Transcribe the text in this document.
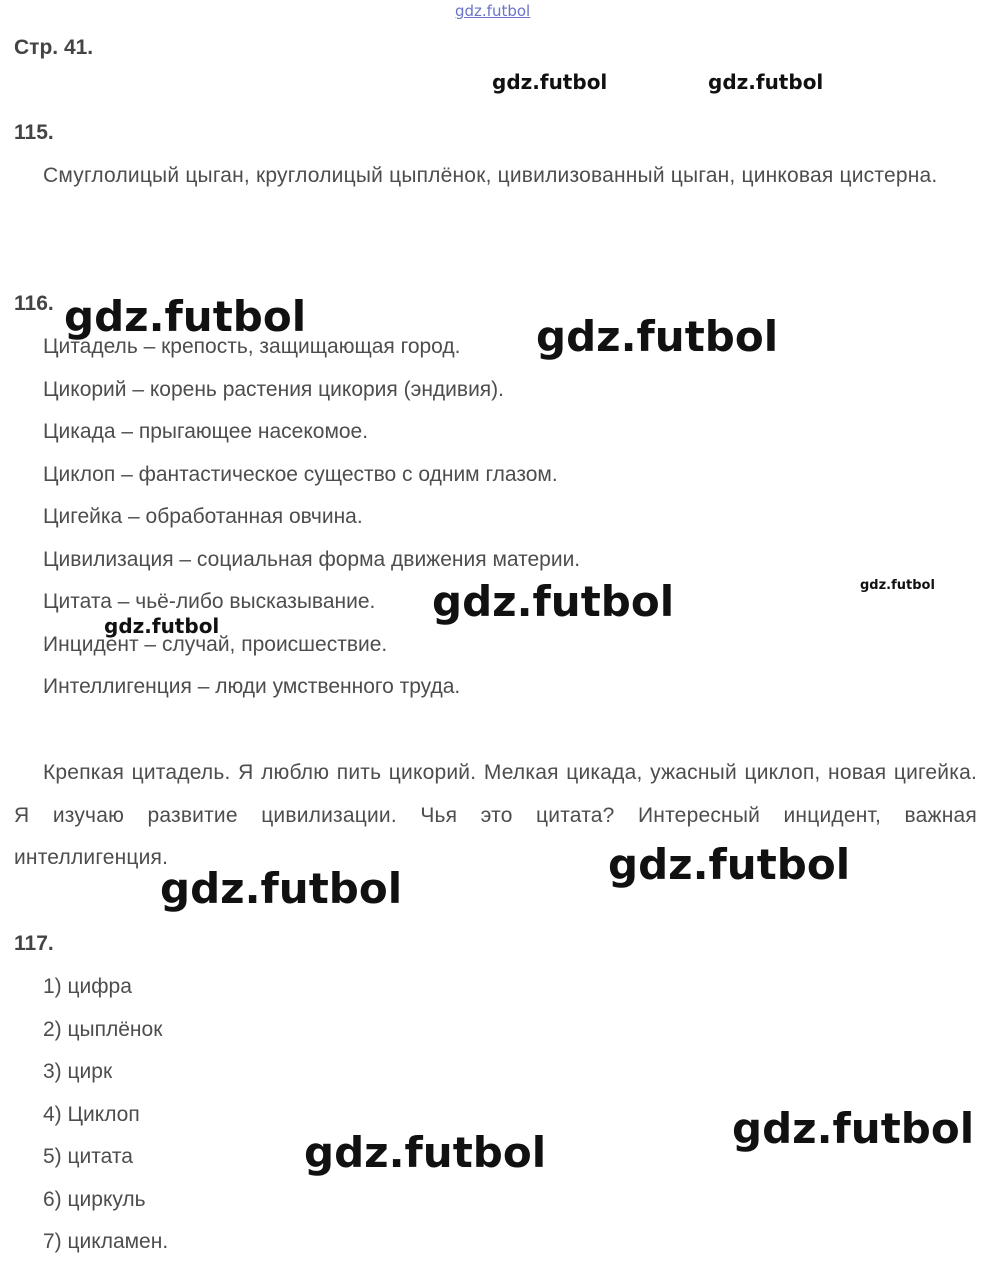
gdz.futbol
Стр. 41.
gdz.futbol	gdz.futbol
115.

Смуглолицый цыган, круглолицый цыплёнок, цивилизованный цыган, цинковая цистерна.

116.
Цитадель – крепость, защищающая город.
Цикорий – корень растения цикория (эндивия).
Цикада – прыгающее насекомое.
Циклоп – фантастическое существо с одним глазом.
Цигейка – обработанная овчина.
Цивилизация – социальная форма движения материи.
Цитата – чьё-либо высказывание.
Инцидент – случай, происшествие.
Интеллигенция – люди умственного труда.

Крепкая цитадель. Я люблю пить цикорий. Мелкая цикада, ужасный циклоп, новая цигейка. Я изучаю развитие цивилизации. Чья это цитата? Интересный инцидент, важная интеллигенция.

117.
1) цифра
2) цыплёнок
3) цирк
4) Циклоп
5) цитата
6) циркуль
7) цикламен.
gdz.futbol	gdz.futbol
gdz.futbol
gdz.futbol
gdz.futbol
gdz.futbol
gdz.futbol
gdz.futbol
gdz.futbol
